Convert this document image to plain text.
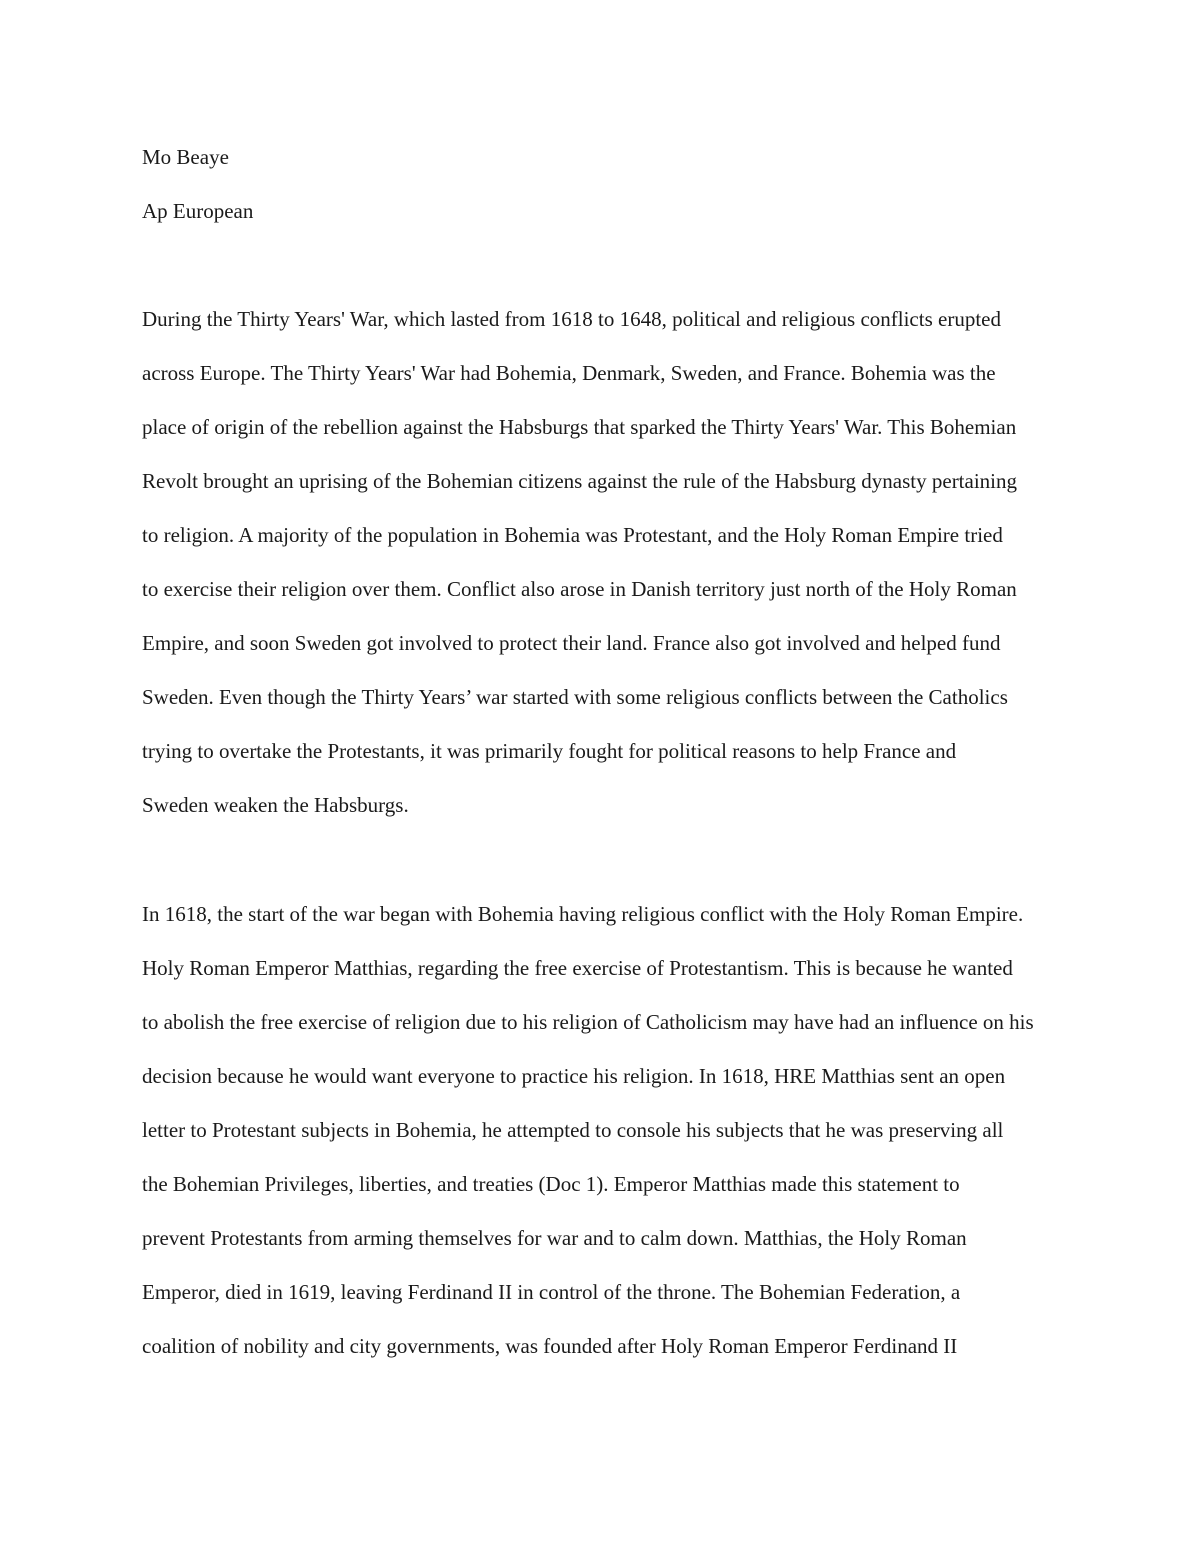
Mo Beaye
Ap European
During the Thirty Years' War, which lasted from 1618 to 1648, political and religious conflicts erupted
across Europe. The Thirty Years' War had Bohemia, Denmark, Sweden, and France. Bohemia was the
place of origin of the rebellion against the Habsburgs that sparked the Thirty Years' War. This Bohemian
Revolt brought an uprising of the Bohemian citizens against the rule of the Habsburg dynasty pertaining
to religion. A majority of the population in Bohemia was Protestant, and the Holy Roman Empire tried
to exercise their religion over them. Conflict also arose in Danish territory just north of the Holy Roman
Empire, and soon Sweden got involved to protect their land. France also got involved and helped fund
Sweden. Even though the Thirty Years’ war started with some religious conflicts between the Catholics
trying to overtake the Protestants, it was primarily fought for political reasons to help France and
Sweden weaken the Habsburgs.
In 1618, the start of the war began with Bohemia having religious conflict with the Holy Roman Empire.
Holy Roman Emperor Matthias, regarding the free exercise of Protestantism. This is because he wanted
to abolish the free exercise of religion due to his religion of Catholicism may have had an influence on his
decision because he would want everyone to practice his religion. In 1618, HRE Matthias sent an open
letter to Protestant subjects in Bohemia, he attempted to console his subjects that he was preserving all
the Bohemian Privileges, liberties, and treaties (Doc 1). Emperor Matthias made this statement to
prevent Protestants from arming themselves for war and to calm down. Matthias, the Holy Roman
Emperor, died in 1619, leaving Ferdinand II in control of the throne. The Bohemian Federation, a
coalition of nobility and city governments, was founded after Holy Roman Emperor Ferdinand II
